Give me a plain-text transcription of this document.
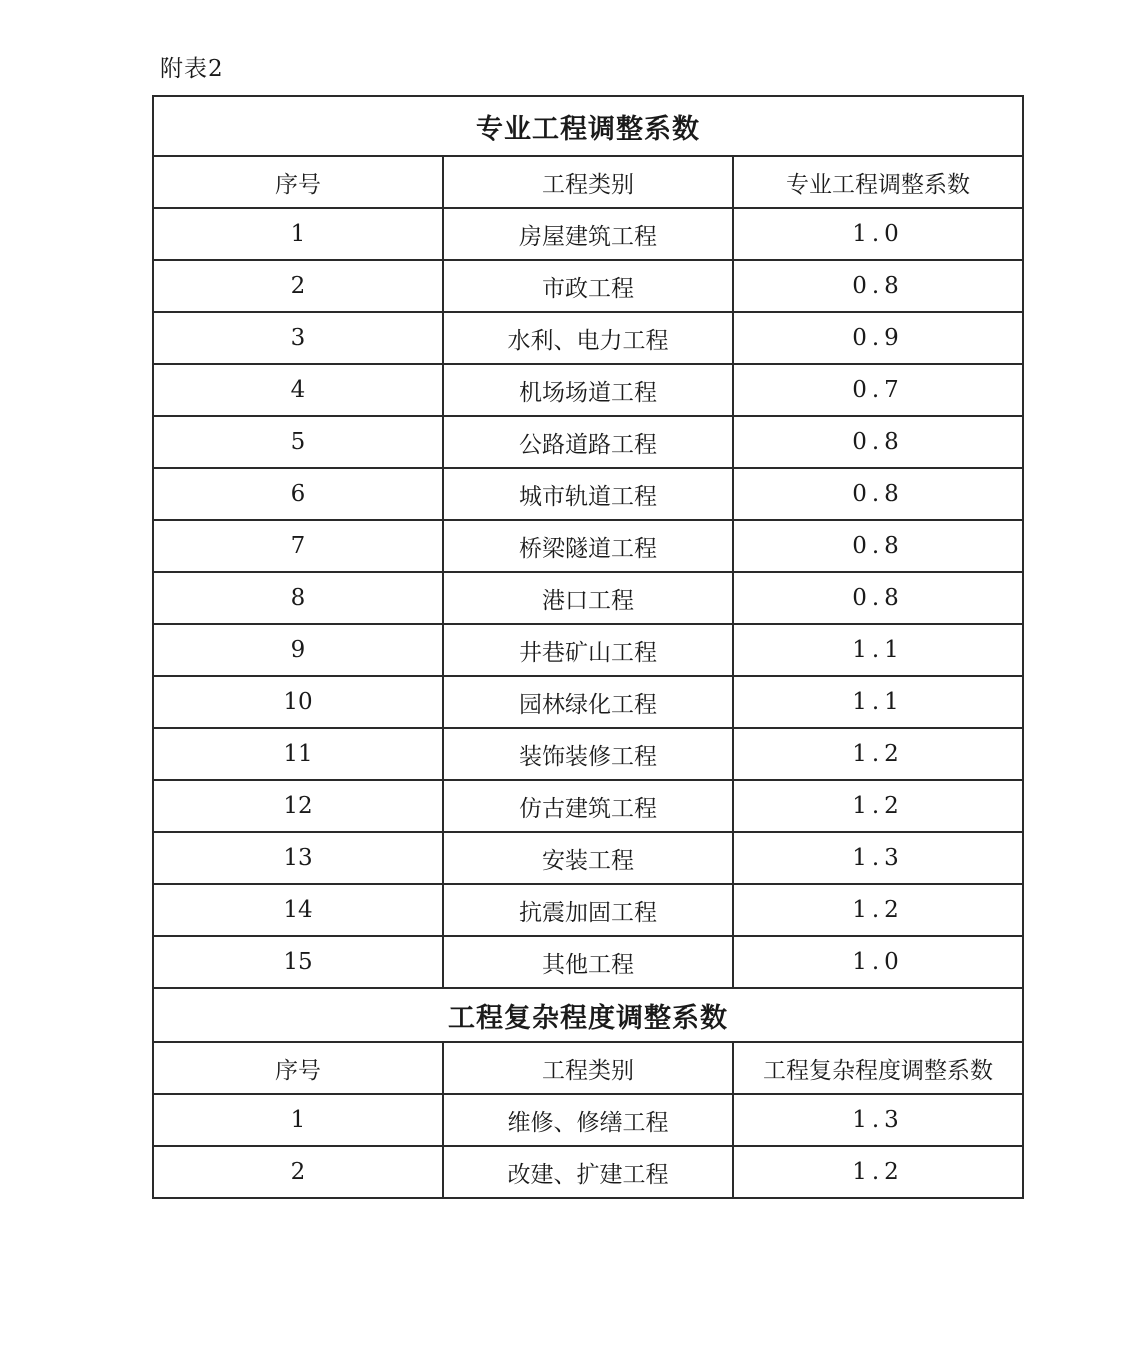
附表2
专业工程调整系数		
序号	工程类别	专业工程调整系数
1	房屋建筑工程	1.0
2	市政工程	0.8
3	水利、电力工程	0.9
4	机场场道工程	0.7
5	公路道路工程	0.8
6	城市轨道工程	0.8
7	桥梁隧道工程	0.8
8	港口工程	0.8
9	井巷矿山工程	1.1
10	园林绿化工程	1.1
11	装饰装修工程	1.2
12	仿古建筑工程	1.2
13	安装工程	1.3
14	抗震加固工程	1.2
15	其他工程	1.0
工程复杂程度调整系数		
序号	工程类别	工程复杂程度调整系数
1	维修、修缮工程	1.3
2	改建、扩建工程	1.2
